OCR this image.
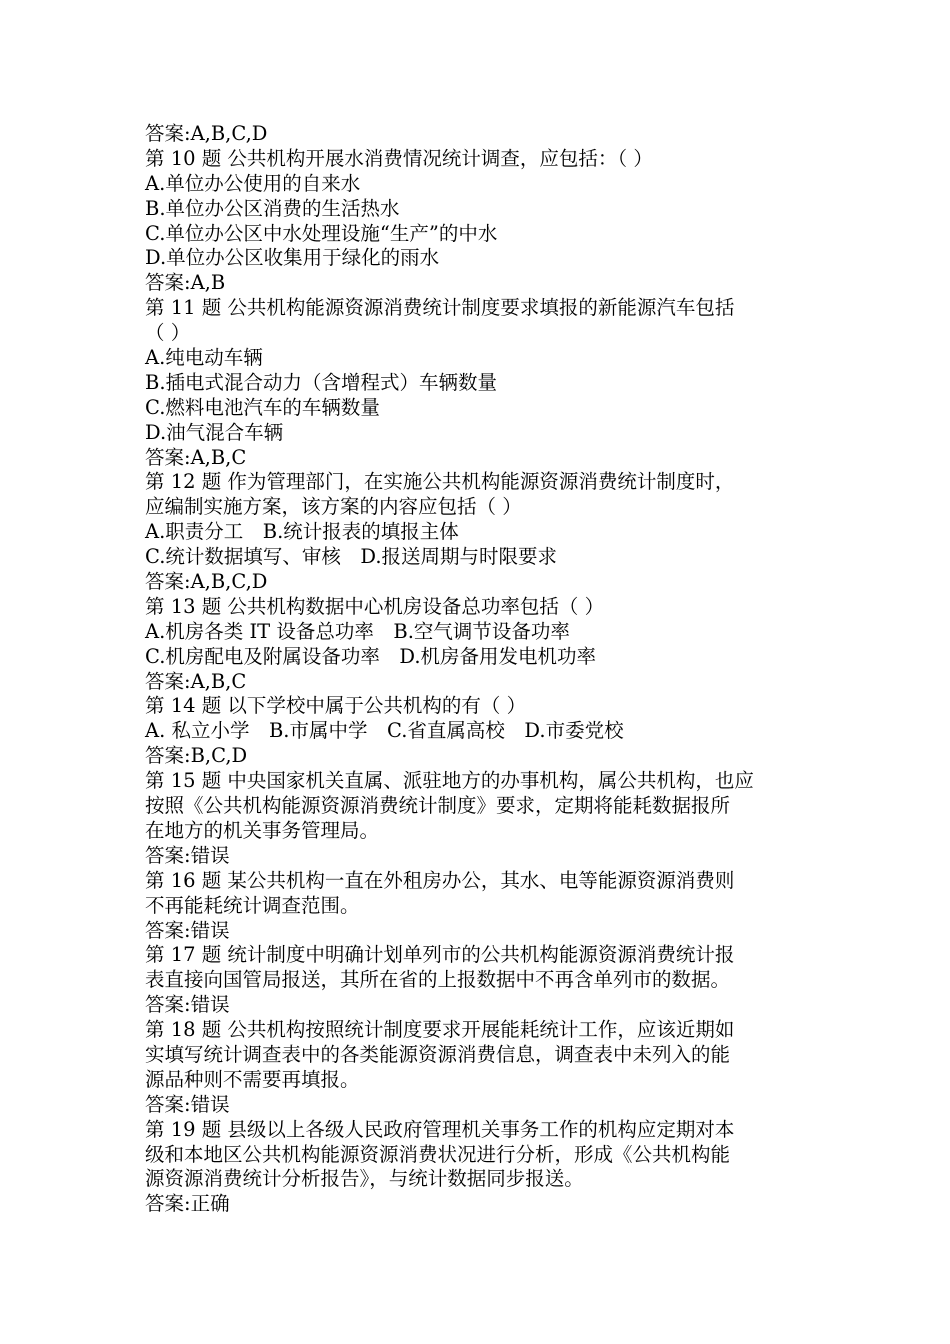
答案:A,B,C,D
第 10 题 公共机构开展水消费情况统计调查，应包括：（ ）
A.单位办公使用的自来水
B.单位办公区消费的生活热水
C.单位办公区中水处理设施“生产”的中水
D.单位办公区收集用于绿化的雨水
答案:A,B
第 11 题 公共机构能源资源消费统计制度要求填报的新能源汽车包括
（ ）
A.纯电动车辆
B.插电式混合动力（含增程式）车辆数量
C.燃料电池汽车的车辆数量
D.油气混合车辆
答案:A,B,C
第 12 题 作为管理部门，在实施公共机构能源资源消费统计制度时，
应编制实施方案，该方案的内容应包括（ ）
A.职责分工　B.统计报表的填报主体
C.统计数据填写、审核　D.报送周期与时限要求
答案:A,B,C,D
第 13 题 公共机构数据中心机房设备总功率包括（ ）
A.机房各类 IT 设备总功率　B.空气调节设备功率
C.机房配电及附属设备功率　D.机房备用发电机功率
答案:A,B,C
第 14 题 以下学校中属于公共机构的有（ ）
A. 私立小学　B.市属中学　C.省直属高校　D.市委党校
答案:B,C,D
第 15 题 中央国家机关直属、派驻地方的办事机构，属公共机构，也应
按照《公共机构能源资源消费统计制度》要求，定期将能耗数据报所
在地方的机关事务管理局。
答案:错误
第 16 题 某公共机构一直在外租房办公，其水、电等能源资源消费则
不再能耗统计调查范围。
答案:错误
第 17 题 统计制度中明确计划单列市的公共机构能源资源消费统计报
表直接向国管局报送，其所在省的上报数据中不再含单列市的数据。
答案:错误
第 18 题 公共机构按照统计制度要求开展能耗统计工作，应该近期如
实填写统计调查表中的各类能源资源消费信息，调查表中未列入的能
源品种则不需要再填报。
答案:错误
第 19 题 县级以上各级人民政府管理机关事务工作的机构应定期对本
级和本地区公共机构能源资源消费状况进行分析，形成《公共机构能
源资源消费统计分析报告》，与统计数据同步报送。
答案:正确
